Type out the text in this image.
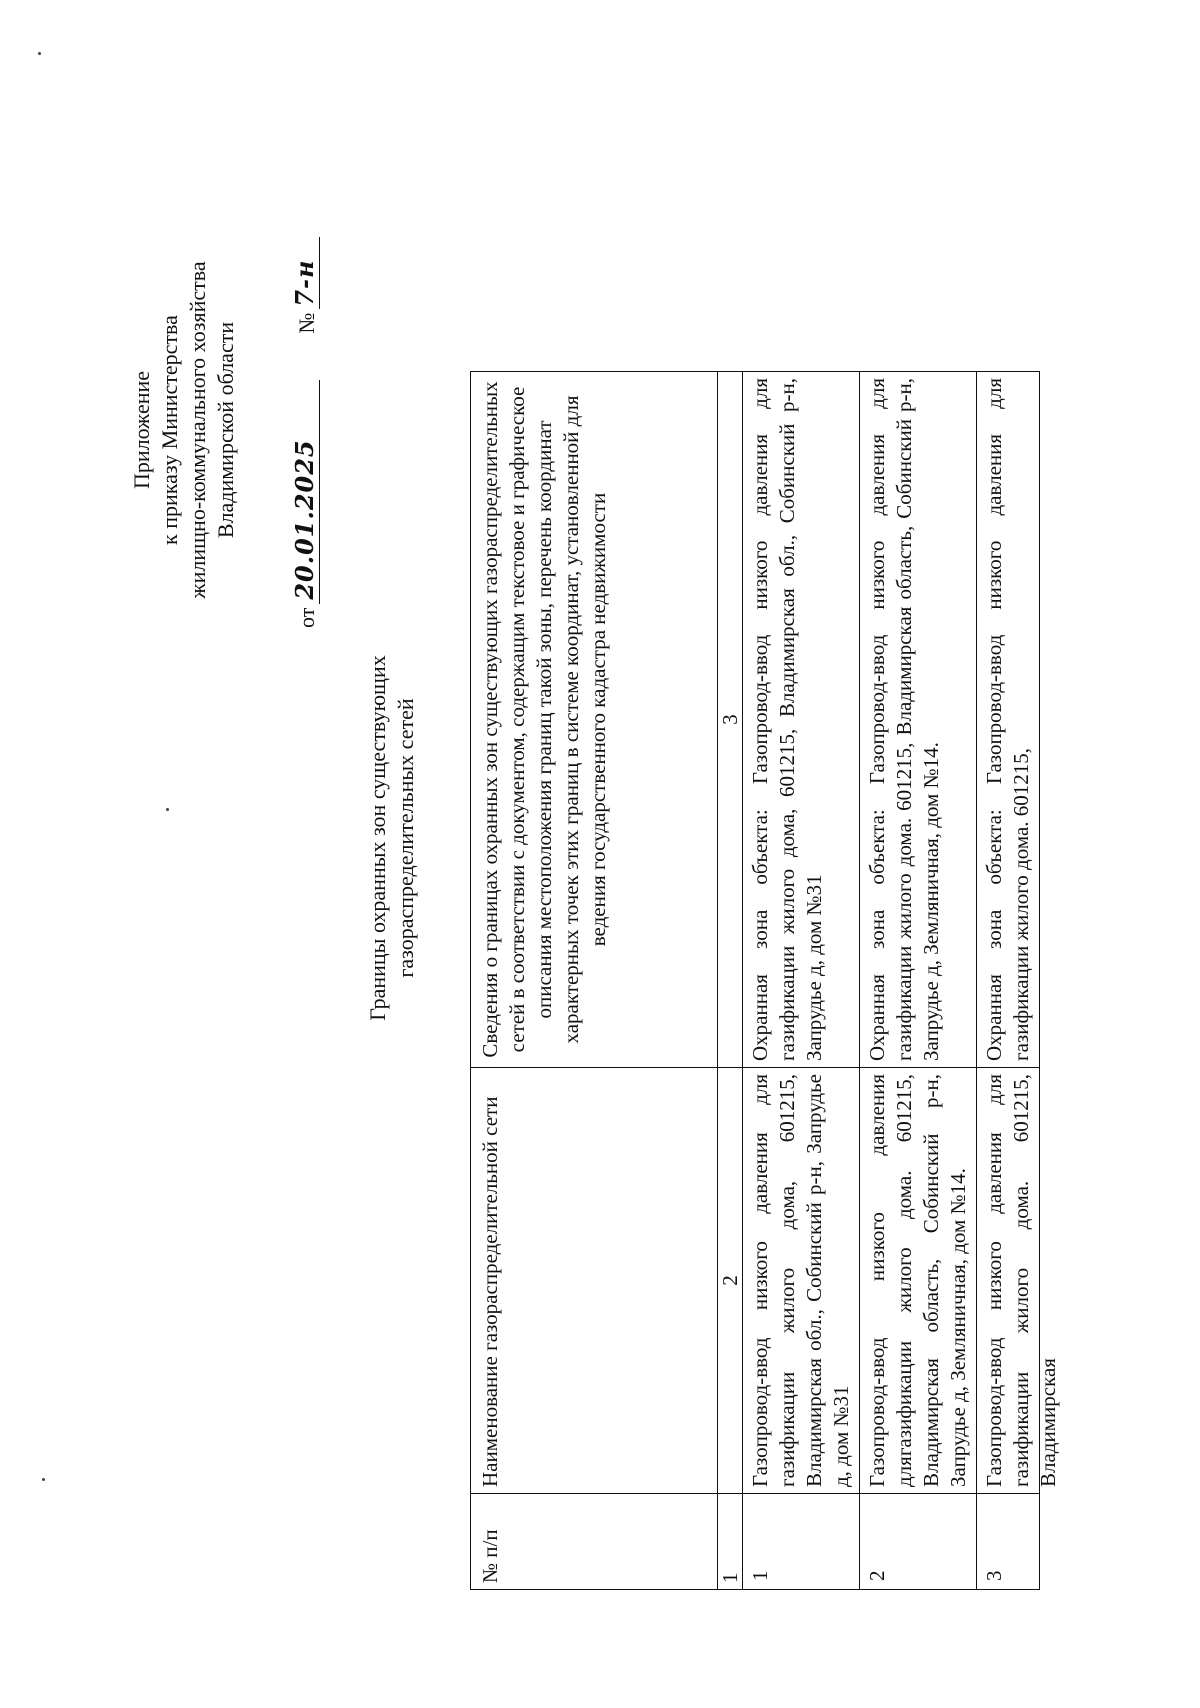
Приложение к приказу Министерства жилищно-коммунального хозяйства Владимирской области
от
20.01.2025
№
7-н
Границы охранных зон существующих газораспределительных сетей
№ п/п	Наименование газораспределительной сети	Сведения о границах охранных зон существующих газораспределительных сетей в соответствии с документом, содержащим текстовое и графическое описания местоположения границ такой зоны, перечень координат характерных точек этих границ в системе координат, установленной для ведения государственного кадастра недвижимости
1	2	3
1	Газопровод-ввод низкого давления для газификации жилого дома, 601215, Владимирская обл., Собинский р-н, Запрудье д, дом №31	Охранная зона объекта: Газопровод-ввод низкого давления для газификации жилого дома, 601215, Владимирская обл., Собинский р-н, Запрудье д, дом №31
2	Газопровод-ввод низкого давления длягазификации жилого дома. 601215, Владимирская область, Собинский р-н, Запрудье д, Земляничная, дом №14.	Охранная зона объекта: Газопровод-ввод низкого давления для газификации жилого дома. 601215, Владимирская область, Собинский р-н, Запрудье д, Земляничная, дом №14.

3	Газопровод-ввод низкого давления для газификации жилого дома. 601215, Владимирская	Охранная зона объекта: Газопровод-ввод низкого давления для газификации жилого дома. 601215,
